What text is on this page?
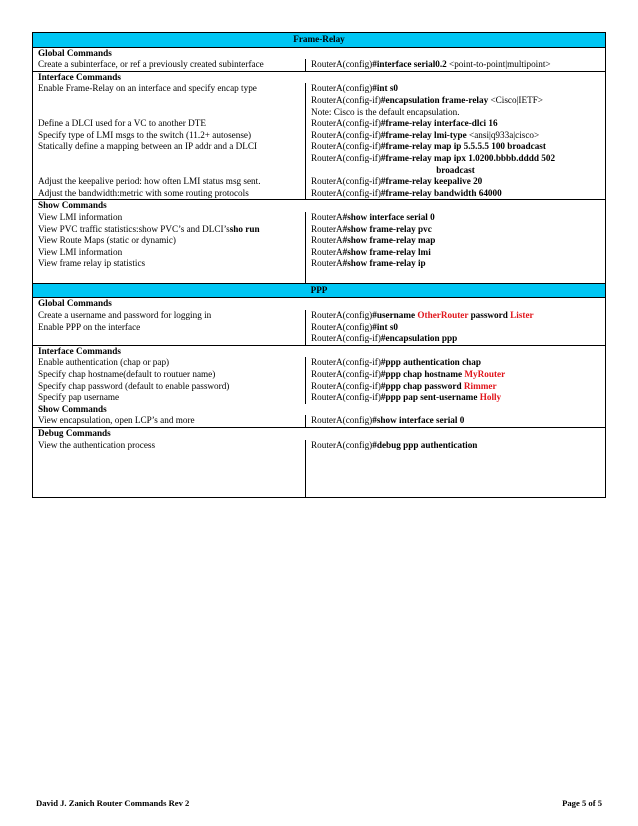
Frame-Relay	
Global Commands	
Create a subinterface, or ref a previously created subinterface	RouterA(config)#interface serial0.2 <point-to-point|multipoint>
Interface Commands	
Enable Frame-Relay on an interface and specify encap type	RouterA(config)#int s0
	RouterA(config-if)#encapsulation frame-relay <Cisco|IETF>
	Note: Cisco is the default encapsulation.
Define a DLCI used for a VC to another DTE	RouterA(config-if)#frame-relay interface-dlci 16
Specify type of LMI msgs to the switch (11.2+ autosense)	RouterA(config-if)#frame-relay lmi-type <ansi|q933a|cisco>
Statically define a mapping between an IP addr and a DLCI	RouterA(config-if)#frame-relay map ip 5.5.5.5 100 broadcast
	RouterA(config-if)#frame-relay map ipx 1.0200.bbbb.dddd 502
	broadcast
Adjust the keepalive period: how often LMI status msg sent.	RouterA(config-if)#frame-relay keepalive 20
Adjust the bandwidth:metric with some routing protocols	RouterA(config-if)#frame-relay bandwidth 64000
Show Commands	
View LMI information	RouterA#show interface serial 0
View PVC traffic statistics:show PVC’s and DLCI’ssho run	RouterA#show frame-relay pvc
View Route Maps (static or dynamic)	RouterA#show frame-relay map
View LMI information	RouterA#show frame-relay lmi
View frame relay ip statistics	RouterA#show frame-relay ip

PPP	
Global Commands	
Create a username and password for logging in	RouterA(config)#username OtherRouter password Lister
Enable PPP on the interface	RouterA(config)#int s0
	RouterA(config-if)#encapsulation ppp
Interface Commands	
Enable authentication (chap or pap)	RouterA(config-if)#ppp authentication chap
Specify chap hostname(default to routuer name)	RouterA(config-if)#ppp chap hostname MyRouter
Specify chap password (default to enable password)	RouterA(config-if)#ppp chap password Rimmer
Specify pap username	RouterA(config-if)#ppp pap sent-username Holly
Show Commands	
View encapsulation, open LCP’s and more	RouterA(config)#show interface serial 0
Debug Commands	
View the authentication process	RouterA(config)#debug ppp authentication

David J. Zanich Router Commands Rev 2	Page 5 of 5
